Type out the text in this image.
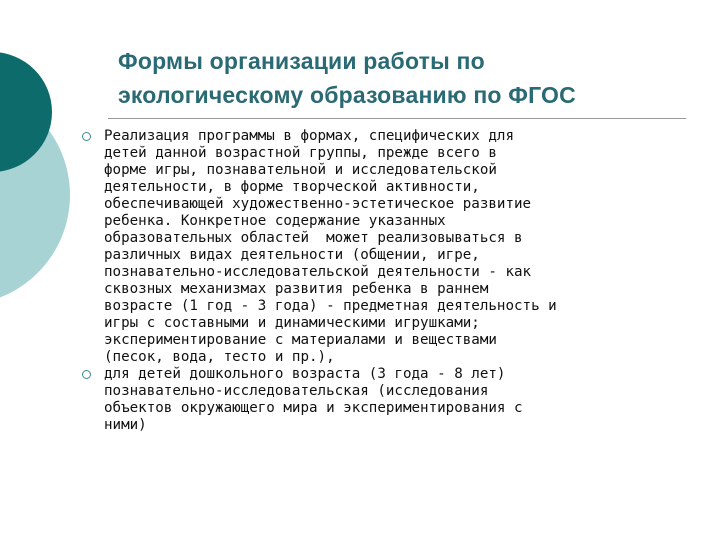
Формы организации работы по
экологическому образованию по ФГОС
Реализация программы в формах, специфических для
детей данной возрастной группы, прежде всего в
форме игры, познавательной и исследовательской
деятельности, в форме творческой активности,
обеспечивающей художественно-эстетическое развитие
ребенка. Конкретное содержание указанных
образовательных областей  может реализовываться в
различных видах деятельности (общении, игре,
познавательно-исследовательской деятельности - как
сквозных механизмах развития ребенка в раннем
возрасте (1 год - 3 года) - предметная деятельность и
игры с составными и динамическими игрушками;
экспериментирование с материалами и веществами
(песок, вода, тесто и пр.),
для детей дошкольного возраста (3 года - 8 лет)
познавательно-исследовательская (исследования
объектов окружающего мира и экспериментирования с
ними)
